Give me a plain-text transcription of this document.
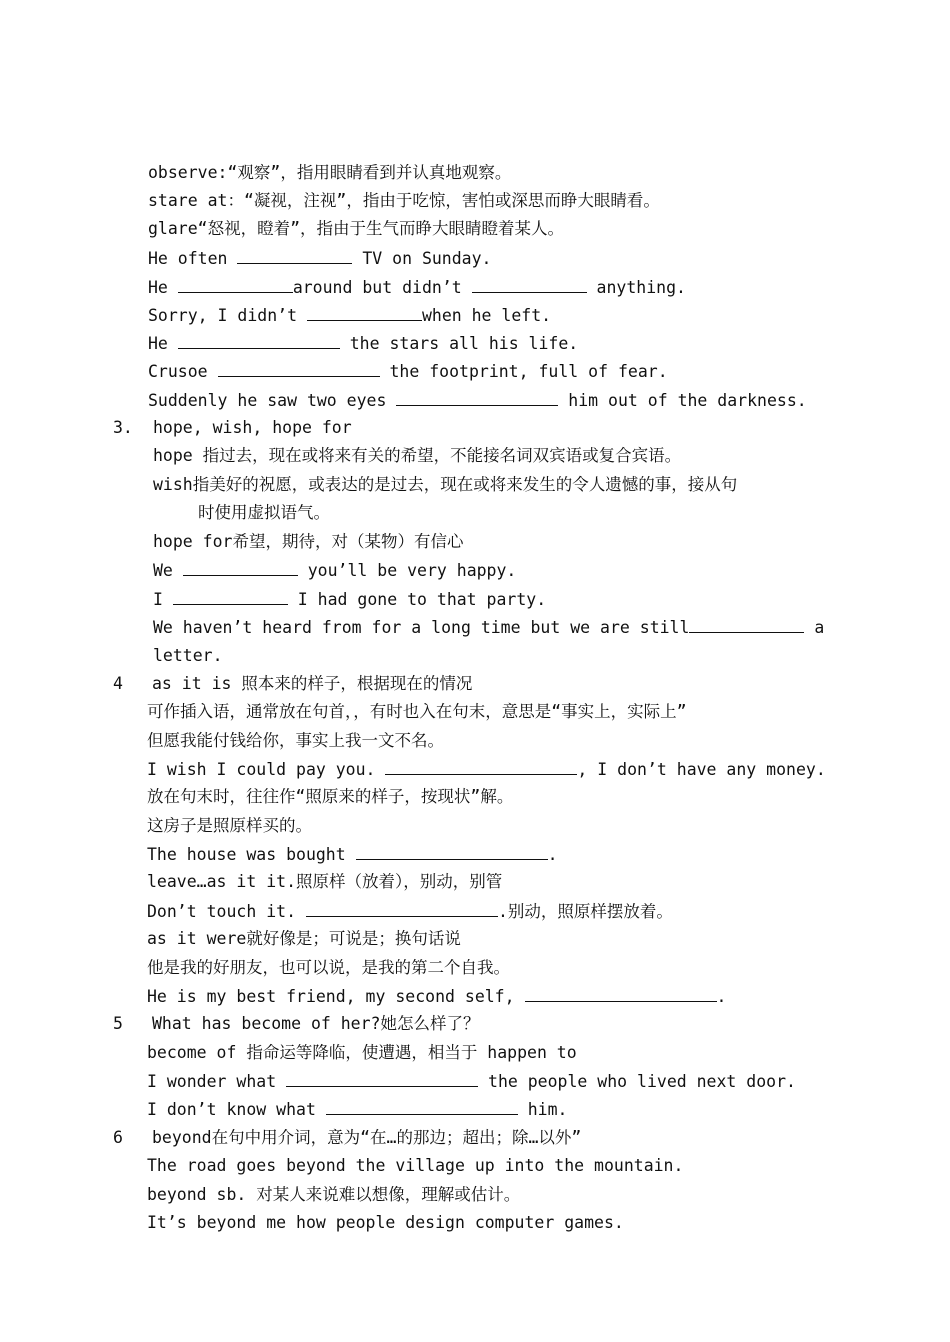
observe:“观察”，指用眼睛看到并认真地观察。
stare at：“凝视，注视”，指由于吃惊，害怕或深思而睁大眼睛看。
glare“怒视，瞪着”，指由于生气而睁大眼睛瞪着某人。
He often	TV on Sunday.
He	around but didn’t	anything.
Sorry, I didn’t	when he left.
He	the stars all his life.
Crusoe	the footprint, full of fear.
Suddenly he saw two eyes	him out of the darkness.
3. hope, wish, hope for
hope 指过去，现在或将来有关的希望，不能接名词双宾语或复合宾语。
wish指美好的祝愿，或表达的是过去，现在或将来发生的令人遗憾的事，接从句
时使用虚拟语气。
hope for希望，期待，对（某物）有信心
We	you’ll be very happy.
I	I had gone to that party.
We haven’t heard from for a long time but we are still	a
letter.
4 as it is 照本来的样子，根据现在的情况
可作插入语，通常放在句首，，有时也入在句末，意思是“事实上，实际上”
但愿我能付钱给你，事实上我一文不名。
I wish I could pay you.	, I don’t have any money.
放在句末时，往往作“照原来的样子，按现状”解。
这房子是照原样买的。
The house was bought	.
leave…as it it.照原样（放着），别动，别管
Don’t touch it.	.别动，照原样摆放着。
as it were就好像是；可说是；换句话说
他是我的好朋友，也可以说，是我的第二个自我。
He is my best friend, my second self,	.
5 What has become of her?她怎么样了？
become of 指命运等降临，使遭遇，相当于 happen to
I wonder what	the people who lived next door.
I don’t know what	him.
6 beyond在句中用介词，意为“在…的那边；超出；除…以外”
The road goes beyond the village up into the mountain.
beyond sb. 对某人来说难以想像，理解或估计。
It’s beyond me how people design computer games.
